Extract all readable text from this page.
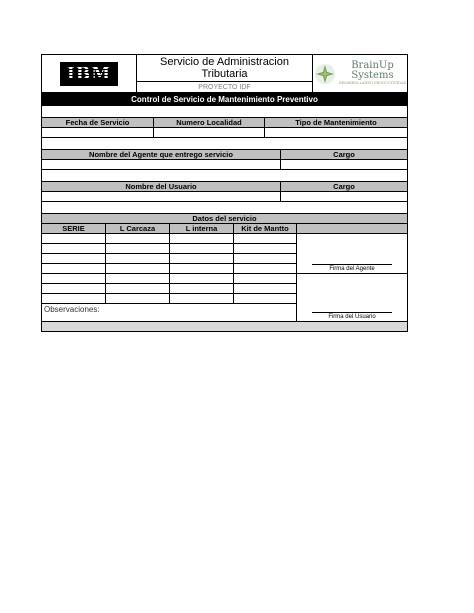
IBM
Servicio de Administracion Tributaria
PROYECTO IDF
BrainUp
Systems
DESARROLLANDO PRODUCTIVIDAD
Control de Servicio de Mantenimiento Preventivo
Fecha de Servicio	Numero Localidad	Tipo de Mantenimiento
Nombre del Agente que entrego servicio	Cargo
Nombre del Usuario	Cargo
Datos del servicio
SERIE	L Carcaza	L interna	Kit de Mantto
Observaciones:
Firma del Agente
Firma del Usuario
